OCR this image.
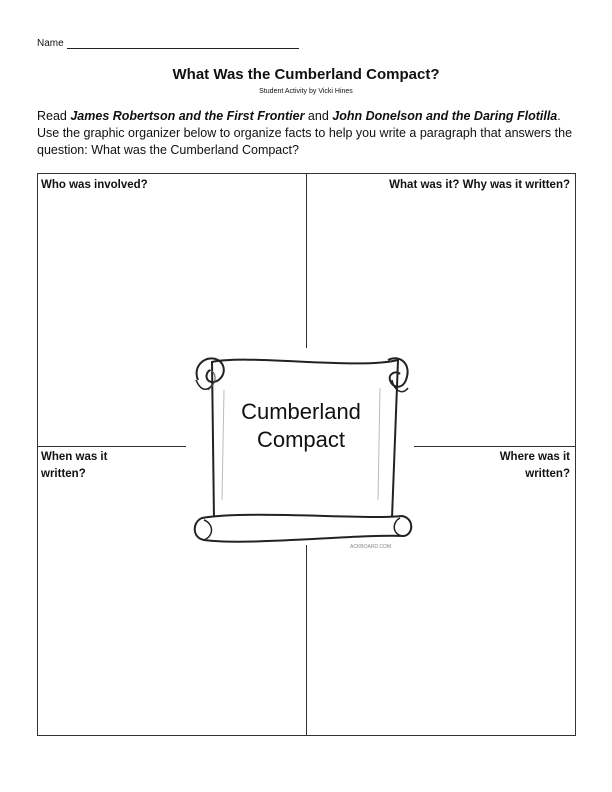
Name
What Was the Cumberland Compact?
Student Activity by Vicki Hines
Read James Robertson and the First Frontier and John Donelson and the Daring Flotilla. Use the graphic organizer below to organize facts to help you write a paragraph that answers the question: What was the Cumberland Compact?
Who was involved?	What was it? Why was it written?
When was it
written?
Where was it
written?
Cumberland
Compact
ACKBOARD.COM
